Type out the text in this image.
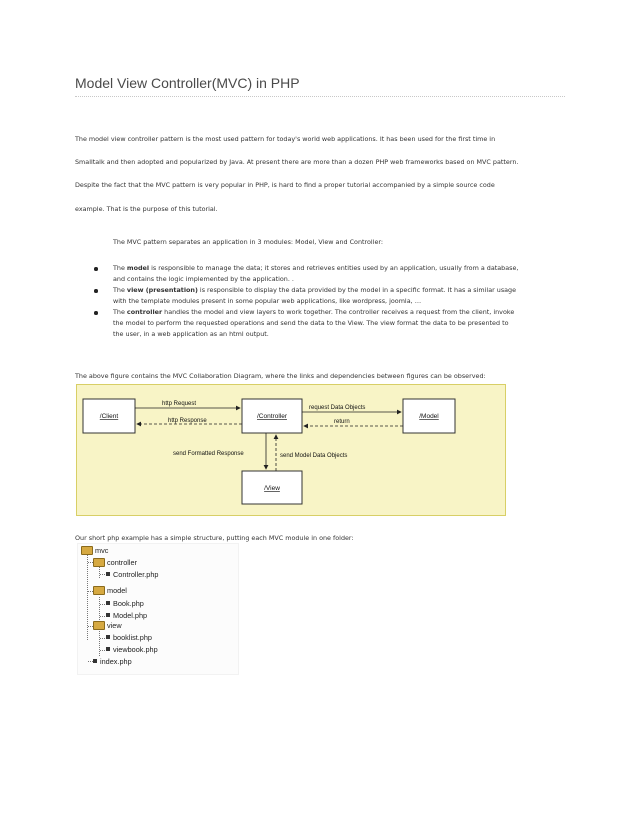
Model View Controller(MVC) in PHP

The model view controller pattern is the most used pattern for today's world web applications. It has been used for the first time in

Smalltalk and then adopted and popularized by Java. At present there are more than a dozen PHP web frameworks based on MVC pattern.

Despite the fact that the MVC pattern is very popular in PHP, is hard to find a proper tutorial accompanied by a simple source code

example. That is the purpose of this tutorial.

The MVC pattern separates an application in 3 modules: Model, View and Controller:

The model is responsible to manage the data; it stores and retrieves entities used by an application, usually from a database,
and contains the logic implemented by the application. .
The view (presentation) is responsible to display the data provided by the model in a specific format. It has a similar usage
with the template modules present in some popular web applications, like wordpress, joomla, …
The controller handles the model and view layers to work together. The controller receives a request from the client, invoke
the model to perform the requested operations and send the data to the View. The view format the data to be presented to
the user, in a web application as an html output.

The above figure contains the MVC Collaboration Diagram, where the links and dependencies between figures can be observed:

/Client	/Controller	/Model
/View
http Request
http Response
request Data Objects
return
send Formatted Response	send Model Data Objects

Our short php example has a simple structure, putting each MVC module in one folder:

mvc
controller
Controller.php
model
Book.php
Model.php
view
booklist.php
viewbook.php
index.php
